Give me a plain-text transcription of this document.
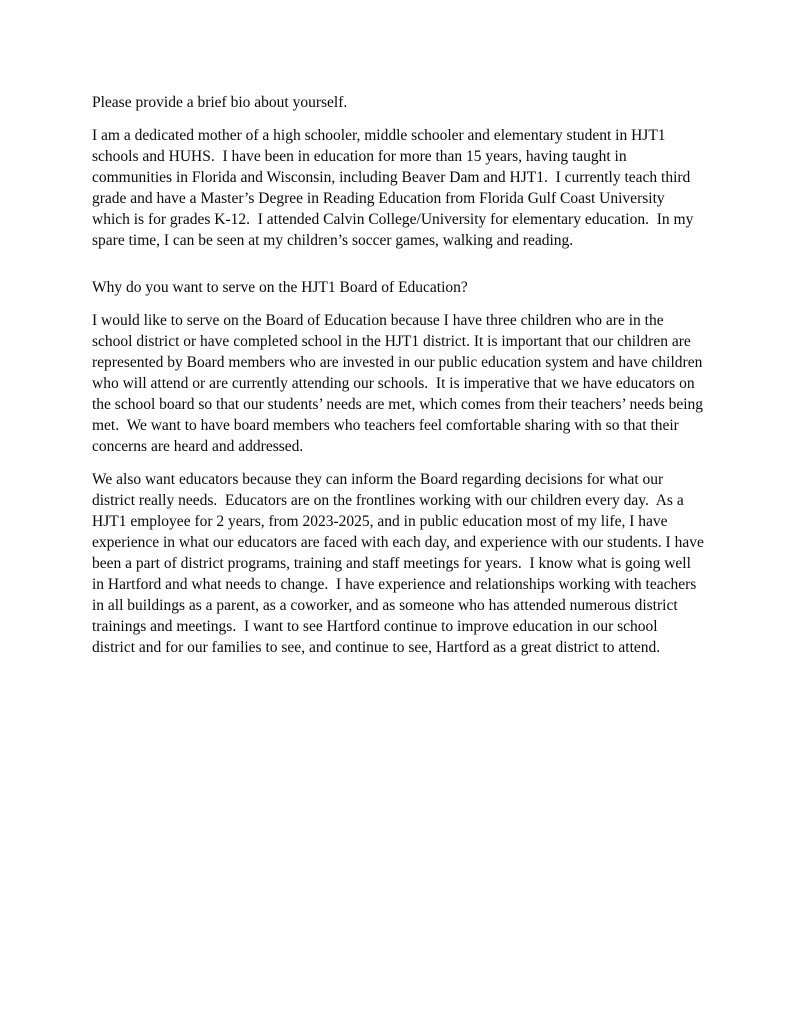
Please provide a brief bio about yourself.

I am a dedicated mother of a high schooler, middle schooler and elementary student in HJT1 schools and HUHS.  I have been in education for more than 15 years, having taught in communities in Florida and Wisconsin, including Beaver Dam and HJT1.  I currently teach third grade and have a Master’s Degree in Reading Education from Florida Gulf Coast University which is for grades K-12.  I attended Calvin College/University for elementary education.  In my spare time, I can be seen at my children’s soccer games, walking and reading.

Why do you want to serve on the HJT1 Board of Education?

I would like to serve on the Board of Education because I have three children who are in the school district or have completed school in the HJT1 district. It is important that our children are represented by Board members who are invested in our public education system and have children who will attend or are currently attending our schools.  It is imperative that we have educators on the school board so that our students’ needs are met, which comes from their teachers’ needs being met.  We want to have board members who teachers feel comfortable sharing with so that their concerns are heard and addressed.

We also want educators because they can inform the Board regarding decisions for what our district really needs.  Educators are on the frontlines working with our children every day.  As a HJT1 employee for 2 years, from 2023-2025, and in public education most of my life, I have experience in what our educators are faced with each day, and experience with our students. I have been a part of district programs, training and staff meetings for years.  I know what is going well in Hartford and what needs to change.  I have experience and relationships working with teachers in all buildings as a parent, as a coworker, and as someone who has attended numerous district trainings and meetings.  I want to see Hartford continue to improve education in our school district and for our families to see, and continue to see, Hartford as a great district to attend.
